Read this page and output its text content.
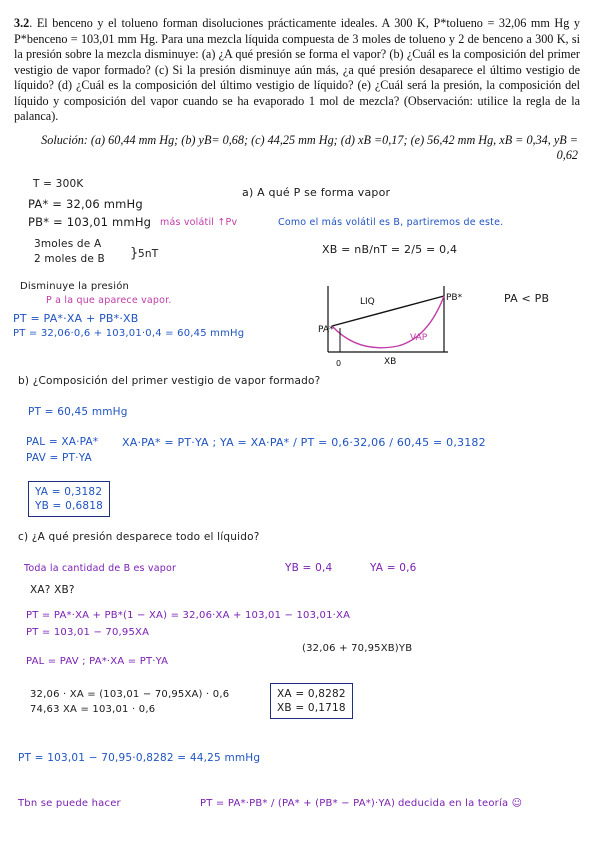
3.2. El benceno y el tolueno forman disoluciones prácticamente ideales. A 300 K, P*tolueno = 32,06 mm Hg y P*benceno = 103,01 mm Hg. Para una mezcla líquida compuesta de 3 moles de tolueno y 2 de benceno a 300 K, si la presión sobre la mezcla disminuye: (a) ¿A qué presión se forma el vapor? (b) ¿Cuál es la composición del primer vestigio de vapor formado? (c) Si la presión disminuye aún más, ¿a qué presión desaparece el último vestigio de líquido? (d) ¿Cuál es la composición del último vestigio de líquido? (e) ¿Cuál será la presión, la composición del líquido y composición del vapor cuando se ha evaporado 1 mol de mezcla? (Observación: utilice la regla de la palanca).
Solución: (a) 60,44 mm Hg; (b) yB= 0,68; (c) 44,25 mm Hg; (d) xB =0,17; (e) 56,42 mm Hg, xB = 0,34, yB = 0,62
T = 300K
PA* = 32,06 mmHg
PB* = 103,01 mmHg más volátil ↑Pv
3moles de A
2 moles de B } 5nT
a) A qué P se forma vapor
Como el más volátil es B, partiremos de este.
XB = nB/nT = 2/5 = 0,4
Disminuye la presión
P a la que aparece vapor.
PT = PA*·XA + PB*·XB
PT = 32,06·0,6 + 103,01·0,4 = 60,45 mmHg
PA < PB
LIQ
VAP
PA*
PB*
XB
0
b) ¿Composición del primer vestigio de vapor formado?
PT = 60,45 mmHg
PAL = XA·PA*
PAV = PT·YA
XA·PA* = PT·YA ; YA = XA·PA* / PT = 0,6·32,06 / 60,45 = 0,3182
YA = 0,3182
YB = 0,6818
c) ¿A qué presión desparece todo el líquido?
Toda la cantidad de B es vapor	YB = 0,4	YA = 0,6
XA? XB?
PT = PA*·XA + PB*(1 − XA) = 32,06·XA + 103,01 − 103,01·XA
PT = 103,01 − 70,95XA
(32,06 + 70,95XB)YB
PAL = PAV ; PA*·XA = PT·YA
32,06 · XA = (103,01 − 70,95XA) · 0,6
74,63 XA = 103,01 · 0,6
XA = 0,8282
XB = 0,1718
PT = 103,01 − 70,95·0,8282 = 44,25 mmHg
Tbn se puede hacer	PT = PA*·PB* / (PA* + (PB* − PA*)·YA) deducida en la teoría ☺
